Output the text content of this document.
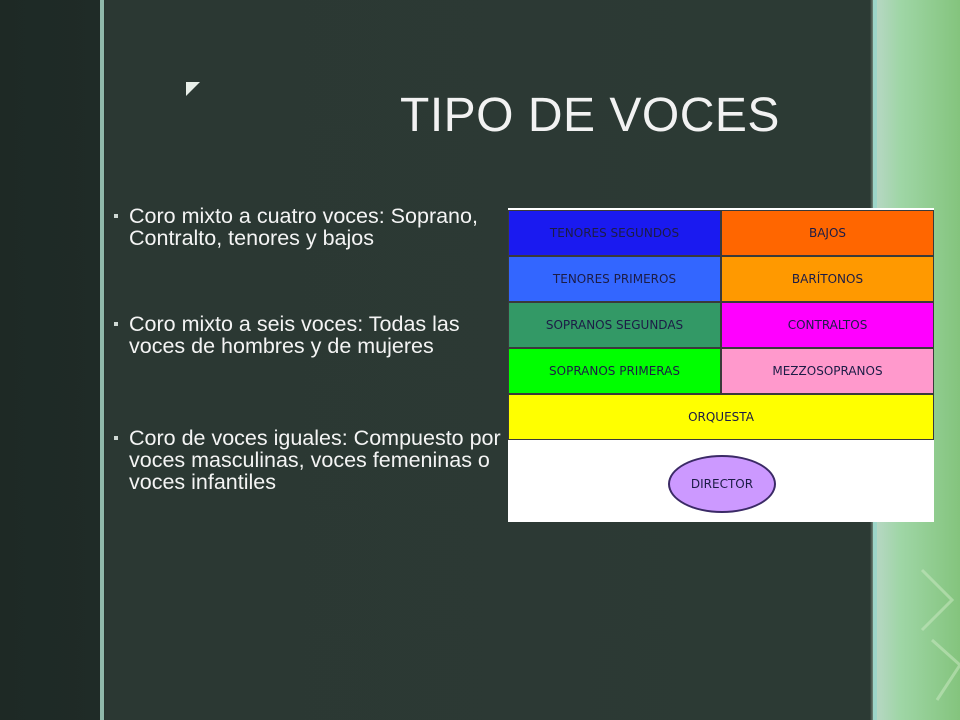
TIPO DE VOCES
Coro mixto a cuatro voces: Soprano, Contralto, tenores y bajos
Coro mixto a seis voces: Todas las voces de hombres y de mujeres
Coro de voces iguales: Compuesto por voces masculinas, voces femeninas o voces infantiles	DIRECTOR
TENORES SEGUNDOS	BAJOS
TENORES PRIMEROS	BARÍTONOS
SOPRANOS SEGUNDAS	CONTRALTOS
SOPRANOS PRIMERAS	MEZZOSOPRANOS
ORQUESTA
